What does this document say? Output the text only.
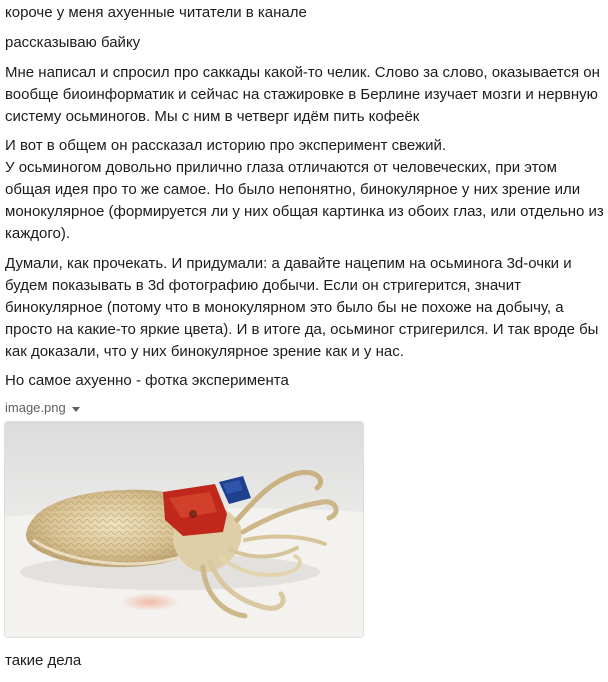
короче у меня ахуенные читатели в канале

рассказываю байку

Мне написал и спросил про саккады какой-то челик. Слово за слово, оказывается он

вообще биоинформатик и сейчас на стажировке в Берлине изучает мозги и нервную

систему осьминогов. Мы с ним в четверг идём пить кофеёк

И вот в общем он рассказал историю про эксперимент свежий.

У осьминогом довольно прилично глаза отличаются от человеческих, при этом

общая идея про то же самое. Но было непонятно, бинокулярное у них зрение или

монокулярное (формируется ли у них общая картинка из обоих глаз, или отдельно из

каждого).

Думали, как прочекать. И придумали: а давайте нацепим на осьминога 3d-очки и

будем показывать в 3d фотографию добычи. Если он стригерится, значит

бинокулярное (потому что в монокулярном это было бы не похоже на добычу, а

просто на какие-то яркие цвета). И в итоге да, осьминог стригерился. И так вроде бы

как доказали, что у них бинокулярное зрение как и у нас.

Но самое ахуенно - фотка эксперимента

image.png

такие дела
